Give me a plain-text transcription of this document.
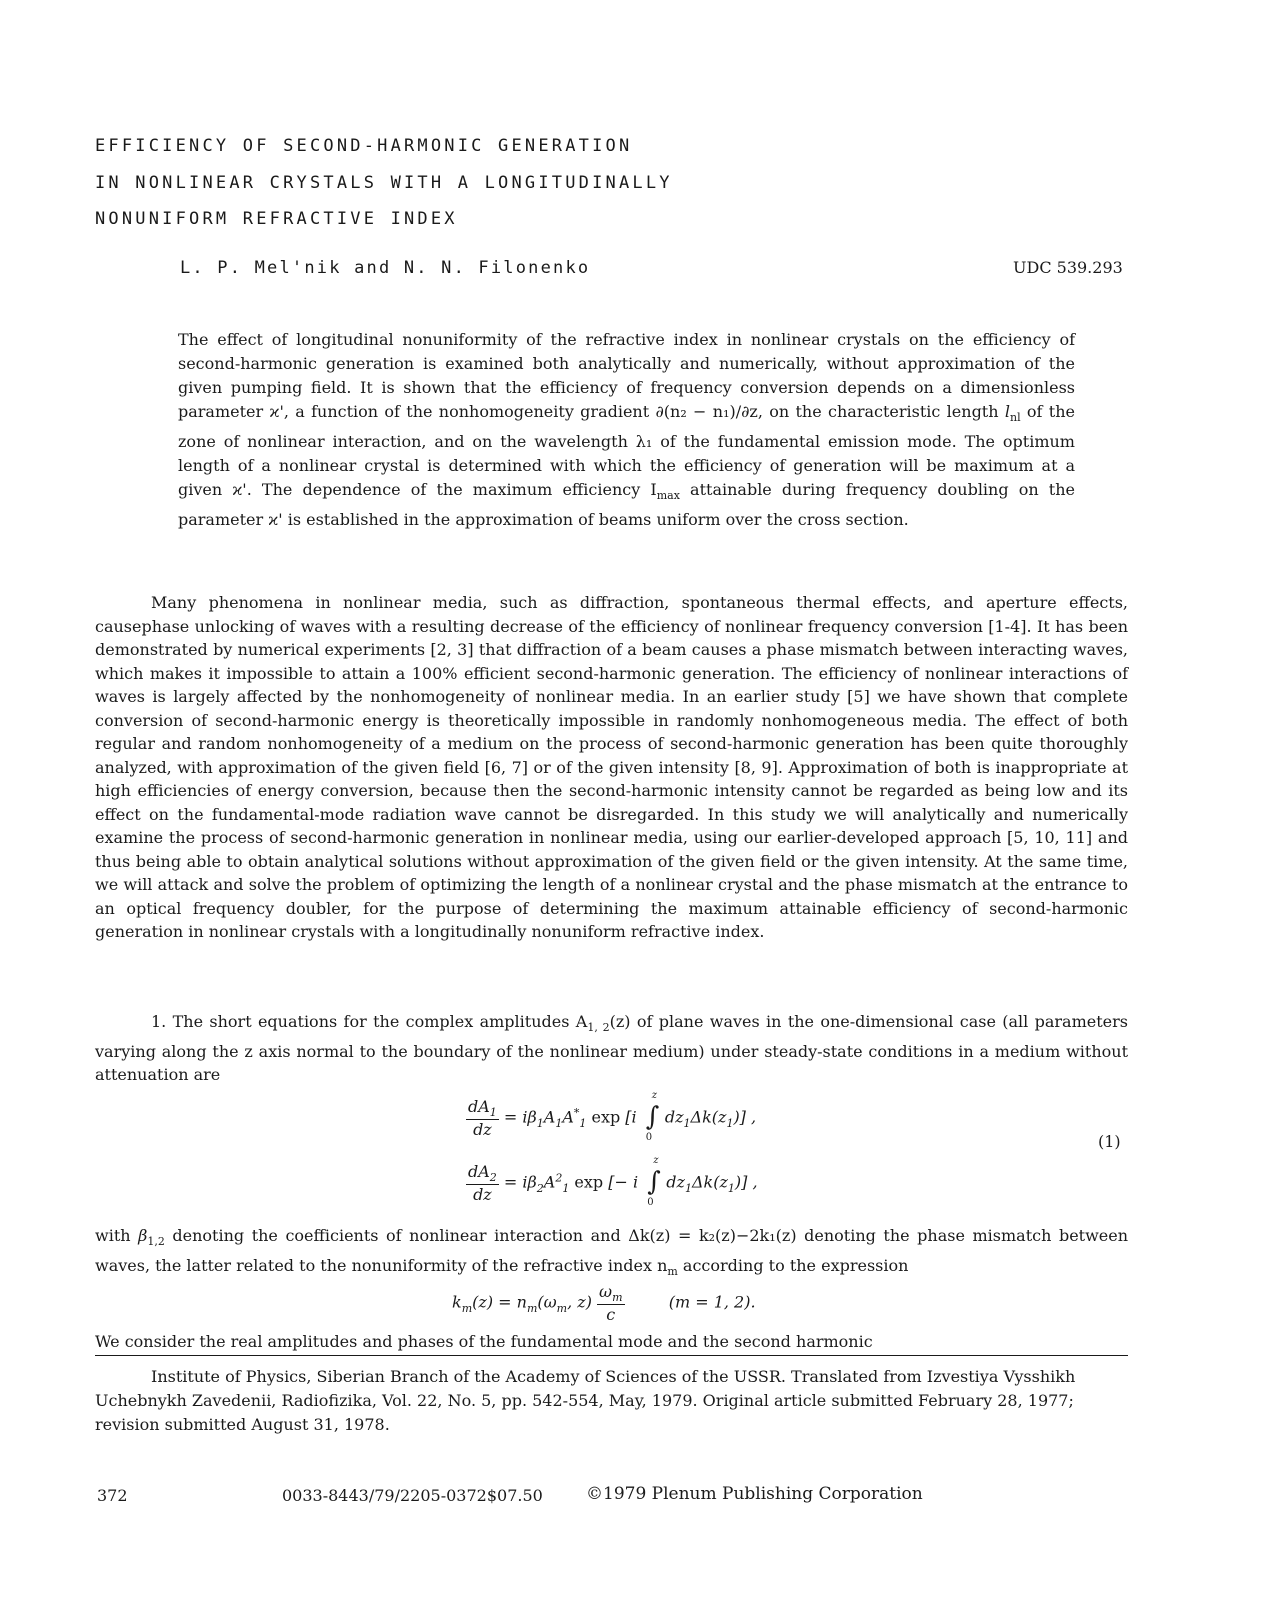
EFFICIENCY OF SECOND-HARMONIC GENERATION
IN NONLINEAR CRYSTALS WITH A LONGITUDINALLY
NONUNIFORM REFRACTIVE INDEX
L. P. Mel'nik and N. N. Filonenko	UDC 539.293
The effect of longitudinal nonuniformity of the refractive index in nonlinear crystals on the efficiency of second-harmonic generation is examined both analytically and numerically, without approximation of the given pumping field. It is shown that the efficiency of frequency conversion depends on a dimensionless parameter ϰ', a function of the nonhomogeneity gradient ∂(n₂ − n₁)/∂z, on the characteristic length $l_{nl}$ of the zone of nonlinear interaction, and on the wavelength λ₁ of the fundamental emission mode. The optimum length of a nonlinear crystal is determined with which the efficiency of generation will be maximum at a given ϰ'. The dependence of the maximum efficiency $I_{max}$ attainable during frequency doubling on the parameter ϰ' is established in the approximation of beams uniform over the cross section.
Many phenomena in nonlinear media, such as diffraction, spontaneous thermal effects, and aperture effects, causephase unlocking of waves with a resulting decrease of the efficiency of nonlinear frequency conversion [1-4]. It has been demonstrated by numerical experiments [2, 3] that diffraction of a beam causes a phase mismatch between interacting waves, which makes it impossible to attain a 100% efficient second-harmonic generation. The efficiency of nonlinear interactions of waves is largely affected by the nonhomogeneity of nonlinear media. In an earlier study [5] we have shown that complete conversion of second-harmonic energy is theoretically impossible in randomly nonhomogeneous media. The effect of both regular and random nonhomogeneity of a medium on the process of second-harmonic generation has been quite thoroughly analyzed, with approximation of the given field [6, 7] or of the given intensity [8, 9]. Approximation of both is inappropriate at high efficiencies of energy conversion, because then the second-harmonic intensity cannot be regarded as being low and its effect on the fundamental-mode radiation wave cannot be disregarded. In this study we will analytically and numerically examine the process of second-harmonic generation in nonlinear media, using our earlier-developed approach [5, 10, 11] and thus being able to obtain analytical solutions without approximation of the given field or the given intensity. At the same time, we will attack and solve the problem of optimizing the length of a nonlinear crystal and the phase mismatch at the entrance to an optical frequency doubler, for the purpose of determining the maximum attainable efficiency of second-harmonic generation in nonlinear crystals with a longitudinally nonuniform refractive index.
1. The short equations for the complex amplitudes $A_{1, 2}(z)$ of plane waves in the one-dimensional case (all parameters varying along the z axis normal to the boundary of the nonlinear medium) under steady-state conditions in a medium without attenuation are
$\frac{dA_1}{dz} = i\beta_1A_1A^*_1$ exp [i
z
∫
0
$dz_1\Delta k(z_1)$] ,
(1)
$\frac{dA_2}{dz} = i\beta_2A^2_1$ exp [− i
z
∫
0
$dz_1\Delta k(z_1)$] ,
with $\beta_{1,2}$ denoting the coefficients of nonlinear interaction and Δk(z) = k₂(z)−2k₁(z) denoting the phase mismatch between waves, the latter related to the nonuniformity of the refractive index $n_m$ according to the expression
$k_m(z) = n_m(\omega_m$, $z) \frac{\omega_m}{c} (m = 1$, 2).
We consider the real amplitudes and phases of the fundamental mode and the second harmonic
Institute of Physics, Siberian Branch of the Academy of Sciences of the USSR. Translated from Izvestiya Vysshikh Uchebnykh Zavedenii, Radiofizika, Vol. 22, No. 5, pp. 542-554, May, 1979. Original article submitted February 28, 1977; revision submitted August 31, 1978.
372	0033-8443/79/2205-0372$07.50	©1979 Plenum Publishing Corporation
